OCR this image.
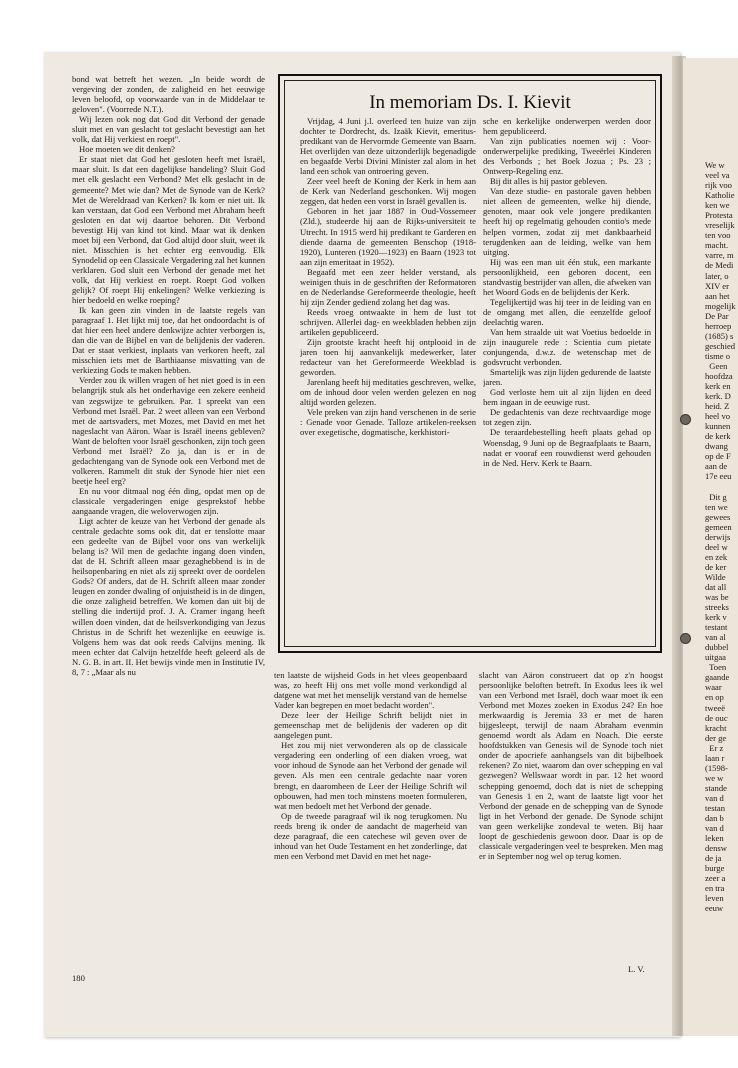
We w
veel va
rijk voo
Katholie
ken we
Protesta
vreselijk
ten voo
macht.
varre, m
de Medi
later, o
XIV er
aan het
mogelijk
De Par
herroep
(1685) s
geschied
tisme o
Geen
hoofdza
kerk en
kerk. D
heid. Z
heel vo
kunnen
de kerk
dwang
op de F
aan de
17e eeu

Dit g
ten we
gewees
gemeen
derwijs
deel w
en zek
de ker
Wilde
dat all
was be
streeks
kerk v
testant
van al
dubbel
uitgaa
Toen
gaande
waar
en op
tweeë
de ouc
kracht
der ge
Er z
laan r
(1598-
we w
stande
van d
testan
dan b
van d
leken
densw
de ja
burge
zeer a
en tra
leven
eeuw

bond wat betreft het wezen. „In beide wordt de vergeving der zonden, de zaligheid en het eeuwige leven beloofd, op voorwaarde van in de Middelaar te geloven". (Voorrede N.T.).

Wij lezen ook nog dat God dit Verbond der genade sluit met en van geslacht tot geslacht bevestigt aan het volk, dat Hij verkiest en roept".

Hoe moeten we dit denken?

Er staat niet dat God het gesloten heeft met Israël, maar sluit. Is dat een dagelijkse handeling? Sluit God met elk geslacht een Verbond? Met elk geslacht in de gemeente? Met wie dan? Met de Synode van de Kerk? Met de Wereldraad van Kerken? Ik kom er niet uit. Ik kan verstaan, dat God een Verbond met Abraham heeft gesloten en dat wij daartoe behoren. Dit Verbond bevestigt Hij van kind tot kind. Maar wat ik denken moet bij een Verbond, dat God altijd door sluit, weet ik niet. Misschien is het echter erg eenvoudig. Elk Synodelid op een Classicale Vergadering zal het kunnen verklaren. God sluit een Verbond der genade met het volk, dat Hij verkiest en roept. Roept God volken gelijk? Of roept Hij enkelingen? Welke verkiezing is hier bedoeld en welke roeping?

Ik kan geen zin vinden in de laatste regels van paragraaf 1. Het lijkt mij toe, dat het ondoordacht is of dat hier een heel andere denkwijze achter verborgen is, dan die van de Bijbel en van de belijdenis der vaderen. Dat er staat verkiest, inplaats van verkoren heeft, zal misschien iets met de Barthiaanse misvatting van de verkiezing Gods te maken hebben.

Verder zou ik willen vragen of het niet goed is in een belangrijk stuk als het onderhavige een zekere eenheid van zegswijze te gebruiken. Par. 1 spreekt van een Verbond met Israël. Par. 2 weet alleen van een Verbond met de aartsvaders, met Mozes, met David en met het nageslacht van Aäron. Waar is Israël ineens gebleven? Want de beloften voor Israël geschonken, zijn toch geen Verbond met Israël? Zo ja, dan is er in de gedachtengang van de Synode ook een Verbond met de volkeren. Rammelt dit stuk der Synode hier niet een beetje heel erg?

En nu voor ditmaal nog één ding, opdat men op de classicale vergaderingen enige gesprekstof hebbe aangaande vragen, die weloverwogen zijn.

Ligt achter de keuze van het Verbond der genade als centrale gedachte soms ook dit, dat er tenslotte maar een gedeelte van de Bijbel voor ons van werkelijk belang is? Wil men de gedachte ingang doen vinden, dat de H. Schrift alleen maar gezaghebbend is in de heilsopenbaring en niet als zij spreekt over de oordelen Gods? Of anders, dat de H. Schrift alleen maar zonder leugen en zonder dwaling of onjuistheid is in de dingen, die onze zaligheid betreffen. We komen dan uit bij de stelling die indertijd prof. J. A. Cramer ingang heeft willen doen vinden, dat de heilsverkondiging van Jezus Christus in de Schrift het wezenlijke en eeuwige is. Volgens hem was dat ook reeds Calvijns mening. Ik meen echter dat Calvijn hetzelfde heeft geleerd als de N. G. B. in art. II. Het bewijs vinde men in Institutie IV, 8, 7 : „Maar als nu

In memoriam Ds. I. Kievit

Vrijdag, 4 Juni j.l. overleed ten huize van zijn dochter te Dordrecht, ds. Izaäk Kievit, emeritus-predikant van de Hervormde Gemeente van Baarn. Het overlijden van deze uitzonderlijk begenadigde en begaafde Verbi Divini Minister zal alom in het land een schok van ontroering geven.

Zeer veel heeft de Koning der Kerk in hem aan de Kerk van Nederland geschonken. Wij mogen zeggen, dat heden een vorst in Israël gevallen is.

Geboren in het jaar 1887 in Oud-Vossemeer (Zld.), studeerde hij aan de Rijks-universiteit te Utrecht. In 1915 werd hij predikant te Garderen en diende daarna de gemeenten Benschop (1918-1920), Lunteren (1920—1923) en Baarn (1923 tot aan zijn emeritaat in 1952).

Begaafd met een zeer helder verstand, als weinigen thuis in de geschriften der Reformatoren en de Nederlandse Gereformeerde theologie, heeft hij zijn Zender gediend zolang het dag was.

Reeds vroeg ontwaakte in hem de lust tot schrijven. Allerlei dag- en weekbladen hebben zijn artikelen gepubliceerd.

Zijn grootste kracht heeft hij ontplooid in de jaren toen hij aanvankelijk medewerker, later redacteur van het Gereformeerde Weekblad is geworden.

Jarenlang heeft hij meditaties geschreven, welke, om de inhoud door velen werden gelezen en nog altijd worden gelezen.

Vele preken van zijn hand verschenen in de serie : Genade voor Genade. Talloze artikelen-reeksen over exegetische, dogmatische, kerkhistori-

sche en kerkelijke onderwerpen werden door hem gepubliceerd.

Van zijn publicaties noemen wij : Voor-onderwerpelijke prediking, Tweeërlei Kinderen des Verbonds ; het Boek Jozua ; Ps. 23 ; Ontwerp-Regeling enz.

Bij dit alles is hij pastor gebleven.

Van deze studie- en pastorale gaven hebben niet alleen de gemeenten, welke hij diende, genoten, maar ook vele jongere predikanten heeft hij op regelmatig gehouden contio's mede helpen vormen, zodat zij met dankbaarheid terugdenken aan de leiding, welke van hem uitging.

Hij was een man uit één stuk, een markante persoonlijkheid, een geboren docent, een standvastig bestrijder van allen, die afweken van het Woord Gods en de belijdenis der Kerk.

Tegelijkertijd was hij teer in de leiding van en de omgang met allen, die eenzelfde geloof deelachtig waren.

Van hem straalde uit wat Voetius bedoelde in zijn inaugurele rede : Scientia cum pietate conjungenda, d.w.z. de wetenschap met de godsvrucht verbonden.

Smartelijk was zijn lijden gedurende de laatste jaren.

God verloste hem uit al zijn lijden en deed hem ingaan in de eeuwige rust.

De gedachtenis van deze rechtvaardige moge tot zegen zijn.

De teraardebestelling heeft plaats gehad op Woensdag, 9 Juni op de Begraafplaats te Baarn, nadat er vooraf een rouwdienst werd gehouden in de Ned. Herv. Kerk te Baarn.

ten laatste de wijsheid Gods in het vlees geopenbaard was, zo heeft Hij ons met volle mond verkondigd al datgene wat met het menselijk verstand van de hemelse Vader kan begrepen en moet bedacht worden".

Deze leer der Heilige Schrift belijdt niet in gemeenschap met de belijdenis der vaderen op dit aangelegen punt.

Het zou mij niet verwonderen als op de classicale vergadering een onderling of een diaken vroeg, wat voor inhoud de Synode aan het Verbond der genade wil geven. Als men een centrale gedachte naar voren brengt, en daaromheen de Leer der Heilige Schrift wil opbouwen, had men toch minstens moeten formuleren, wat men bedoelt met het Verbond der genade.

Op de tweede paragraaf wil ik nog terugkomen. Nu reeds breng ik onder de aandacht de magerheid van deze paragraaf, die een catechese wil geven over de inhoud van het Oude Testament en het zonderlinge, dat men een Verbond met David en met het nage-

slacht van Aäron construeert dat op z'n hoogst persoonlijke beloften betreft. In Exodus lees ik wel van een Verbond met Israël, doch waar moet ik een Verbond met Mozes zoeken in Exodus 24? En hoe merkwaardig is Jeremia 33 er met de haren bijgesleept, terwijl de naam Abraham evenmin genoemd wordt als Adam en Noach. Die eerste hoofdstukken van Genesis wil de Synode toch niet onder de apocriefe aanhangsels van dit bijbelboek rekenen? Zo niet, waarom dan over schepping en val gezwegen? Wellswaar wordt in par. 12 het woord schepping genoemd, doch dat is niet de schepping van Genesis 1 en 2, want de laatste ligt voor het Verbond der genade en de schepping van de Synode ligt in het Verbond der genade. De Synode schijnt van geen werkelijke zondeval te weten. Bij haar loopt de geschiedenis gewoon door. Daar is op de classicale vergaderingen veel te bespreken. Men mag er in September nog wel op terug komen.

L. V.
180
